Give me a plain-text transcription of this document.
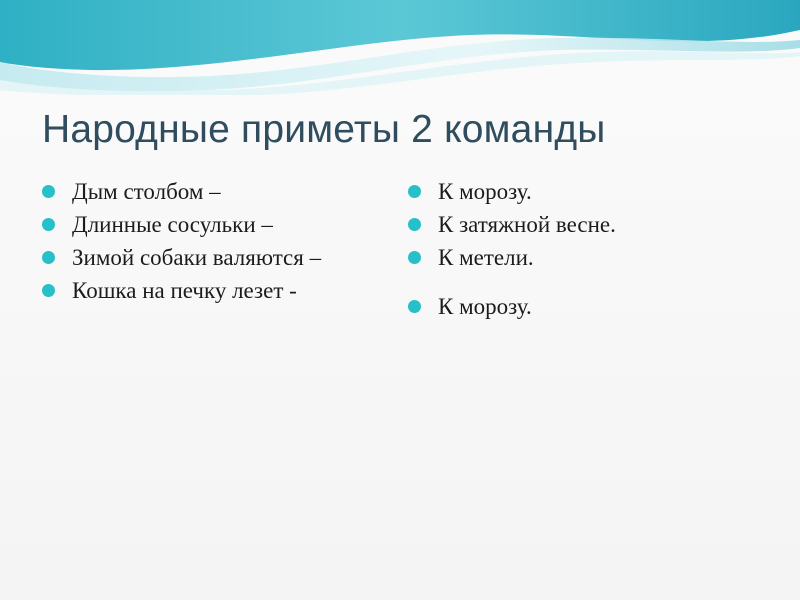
Народные приметы 2 команды
Дым столбом –
Длинные сосульки –
Зимой собаки валяются –
Кошка на печку лезет -
К морозу.
К затяжной весне.
К метели.
К морозу.
